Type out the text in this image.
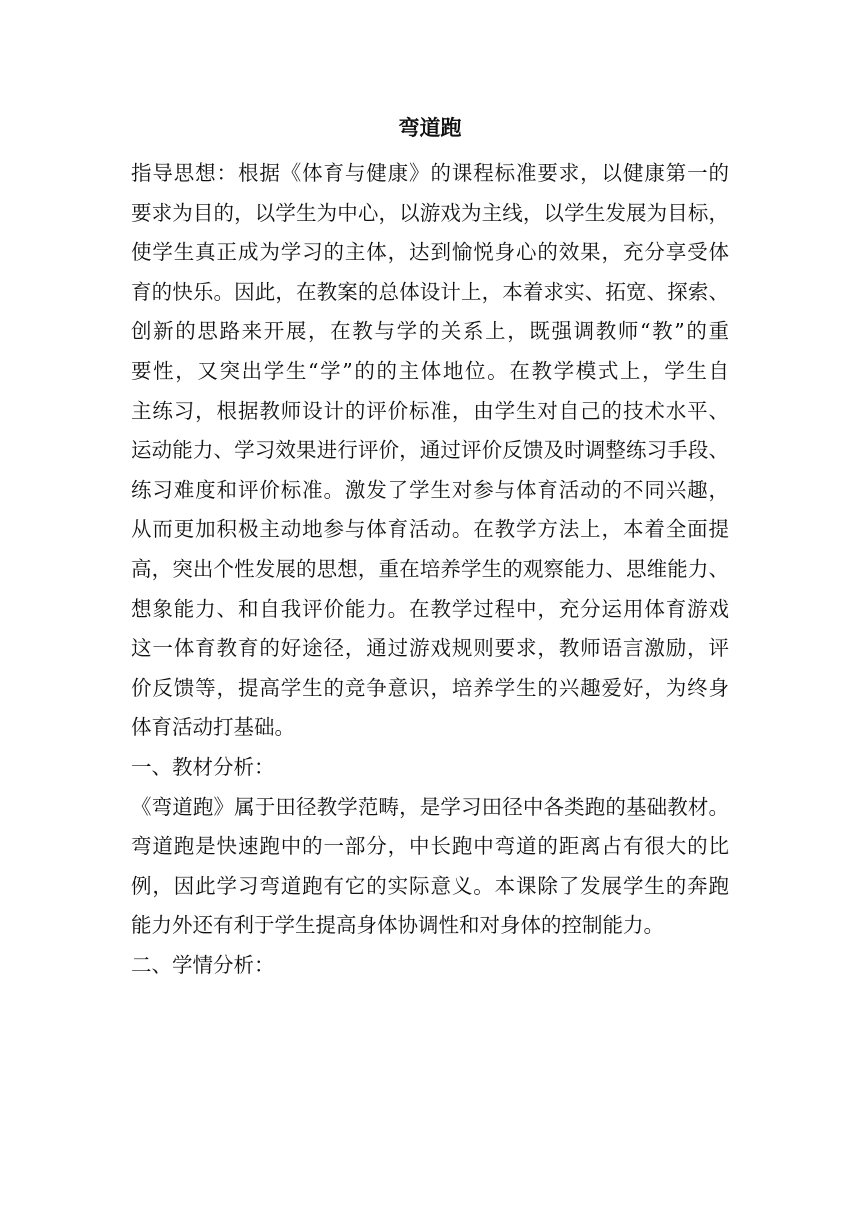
弯道跑
指导思想：根据《体育与健康》的课程标准要求，以健康第一的
要求为目的，以学生为中心，以游戏为主线，以学生发展为目标，
使学生真正成为学习的主体，达到愉悦身心的效果，充分享受体
育的快乐。因此，在教案的总体设计上，本着求实、拓宽、探索、
创新的思路来开展，在教与学的关系上，既强调教师“教”的重
要性，又突出学生“学”的的主体地位。在教学模式上，学生自
主练习，根据教师设计的评价标准，由学生对自己的技术水平、
运动能力、学习效果进行评价，通过评价反馈及时调整练习手段、
练习难度和评价标准。激发了学生对参与体育活动的不同兴趣，
从而更加积极主动地参与体育活动。在教学方法上，本着全面提
高，突出个性发展的思想，重在培养学生的观察能力、思维能力、
想象能力、和自我评价能力。在教学过程中，充分运用体育游戏
这一体育教育的好途径，通过游戏规则要求，教师语言激励，评
价反馈等，提高学生的竞争意识，培养学生的兴趣爱好，为终身
体育活动打基础。
一、教材分析：
《弯道跑》属于田径教学范畴，是学习田径中各类跑的基础教材。
弯道跑是快速跑中的一部分，中长跑中弯道的距离占有很大的比
例，因此学习弯道跑有它的实际意义。本课除了发展学生的奔跑
能力外还有利于学生提高身体协调性和对身体的控制能力。
二、学情分析：
